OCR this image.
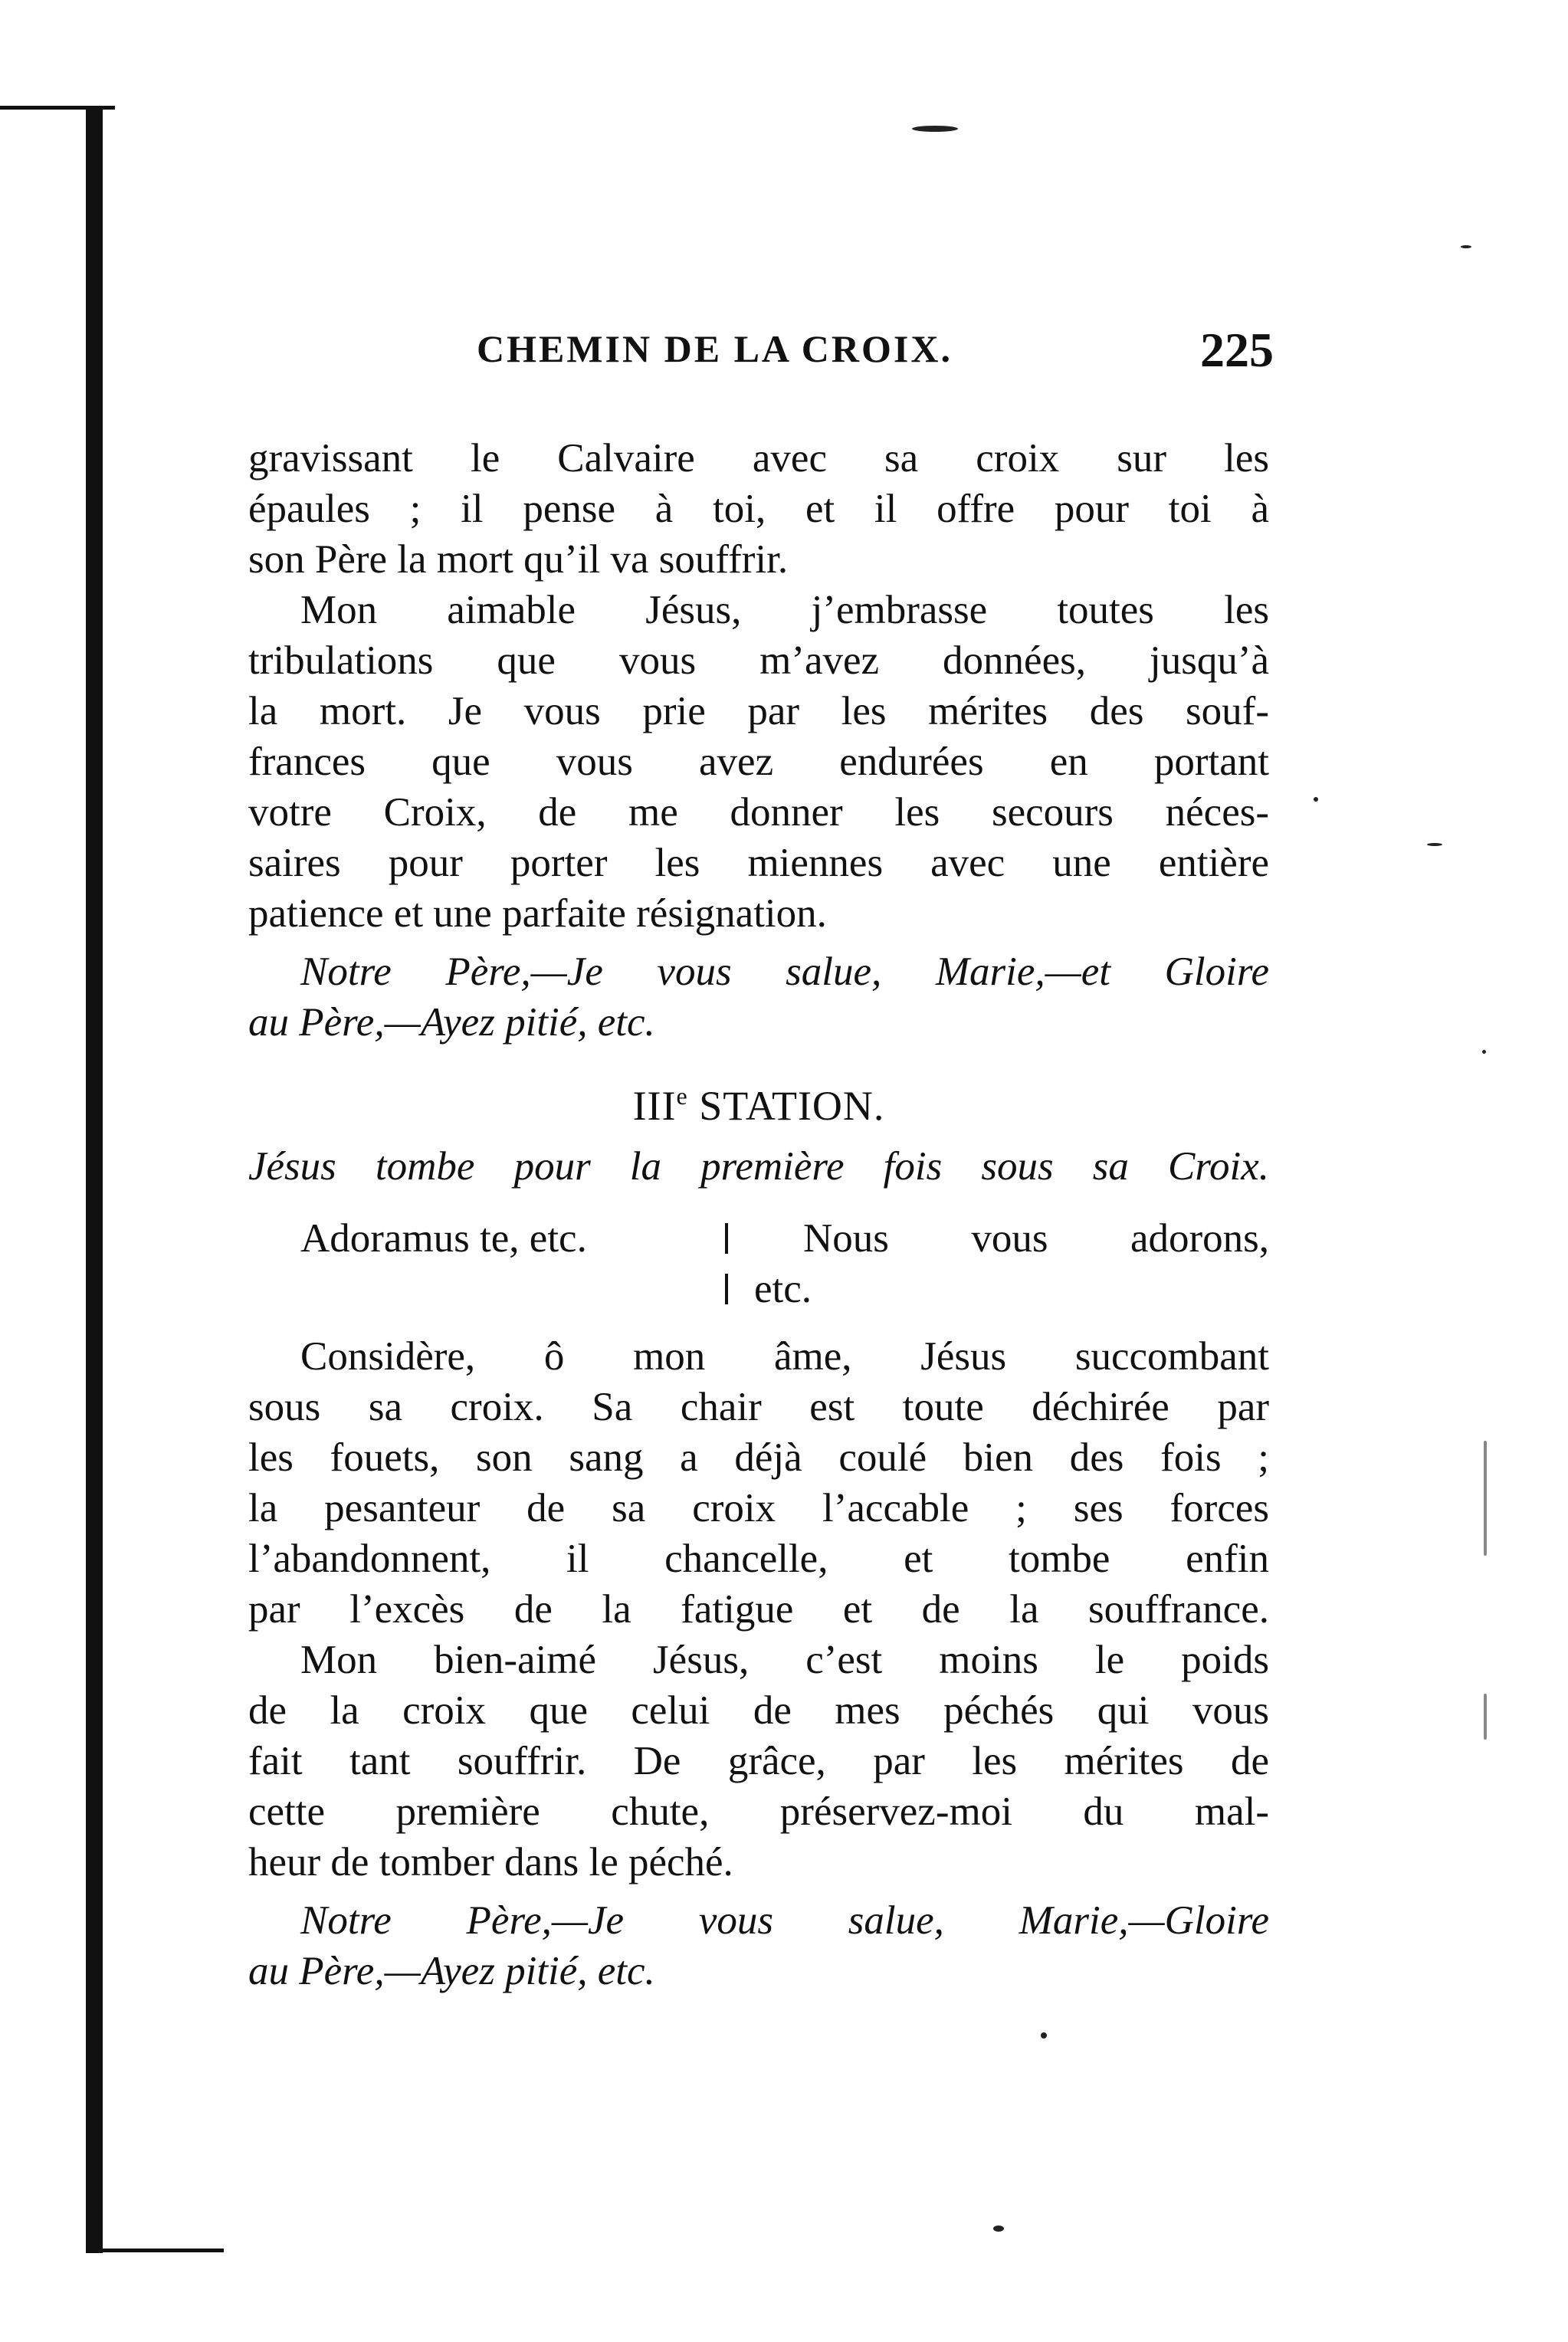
CHEMIN DE LA CROIX.	225
gravissant le Calvaire avec sa croix sur les
épaules ; il pense à toi, et il offre pour toi à
son Père la mort qu’il va souffrir.
Mon aimable Jésus, j’embrasse toutes les
tribulations que vous m’avez données, jusqu’à
la mort. Je vous prie par les mérites des souf-
frances que vous avez endurées en portant
votre Croix, de me donner les secours néces-
saires pour porter les miennes avec une entière
patience et une parfaite résignation.
Notre Père,—Je vous salue, Marie,—et Gloire
au Père,—Ayez pitié, etc.
IIIe STATION.
Jésus tombe pour la première fois sous sa Croix.
Adoramus te, etc.	Nous vous adorons,
etc.
Considère, ô mon âme, Jésus succombant
sous sa croix. Sa chair est toute déchirée par
les fouets, son sang a déjà coulé bien des fois ;
la pesanteur de sa croix l’accable ; ses forces
l’abandonnent, il chancelle, et tombe enfin
par l’excès de la fatigue et de la souffrance.
Mon bien-aimé Jésus, c’est moins le poids
de la croix que celui de mes péchés qui vous
fait tant souffrir. De grâce, par les mérites de
cette première chute, préservez-moi du mal-
heur de tomber dans le péché.
Notre Père,—Je vous salue, Marie,—Gloire
au Père,—Ayez pitié, etc.
